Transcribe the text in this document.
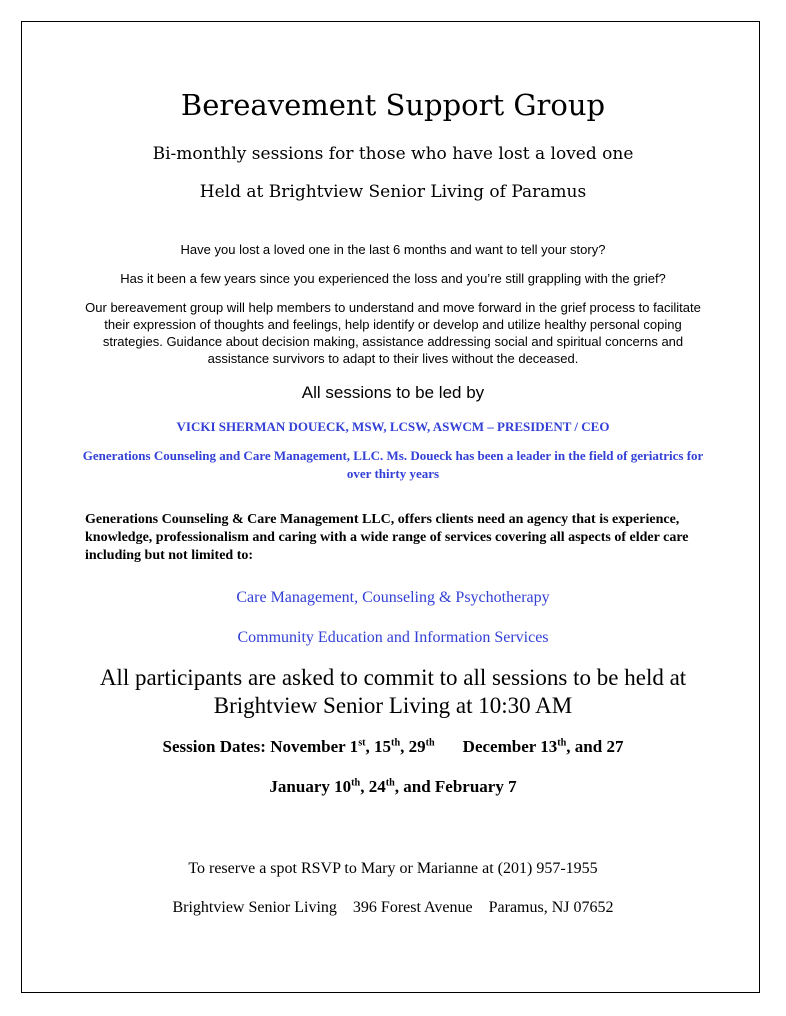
Bereavement Support Group
Bi-monthly sessions for those who have lost a loved one
Held at Brightview Senior Living of Paramus
Have you lost a loved one in the last 6 months and want to tell your story?
Has it been a few years since you experienced the loss and you’re still grappling with the grief?
Our bereavement group will help members to understand and move forward in the grief process to facilitate their expression of thoughts and feelings, help identify or develop and utilize healthy personal coping strategies. Guidance about decision making, assistance addressing social and spiritual concerns and assistance survivors to adapt to their lives without the deceased.
All sessions to be led by
VICKI SHERMAN DOUECK, MSW, LCSW, ASWCM – PRESIDENT / CEO
Generations Counseling and Care Management, LLC. Ms. Doueck has been a leader in the field of geriatrics for over thirty years
Generations Counseling & Care Management LLC, offers clients need an agency that is experience, knowledge, professionalism and caring with a wide range of services covering all aspects of elder care including but not limited to:
Care Management, Counseling & Psychotherapy
Community Education and Information Services
All participants are asked to commit to all sessions to be held at
Brightview Senior Living at 10:30 AM
Session Dates: November 1st, 15th, 29th December 13th, and 27
January 10th, 24th, and February 7
To reserve a spot RSVP to Mary or Marianne at (201) 957-1955
Brightview Senior Living 396 Forest Avenue Paramus, NJ 07652
